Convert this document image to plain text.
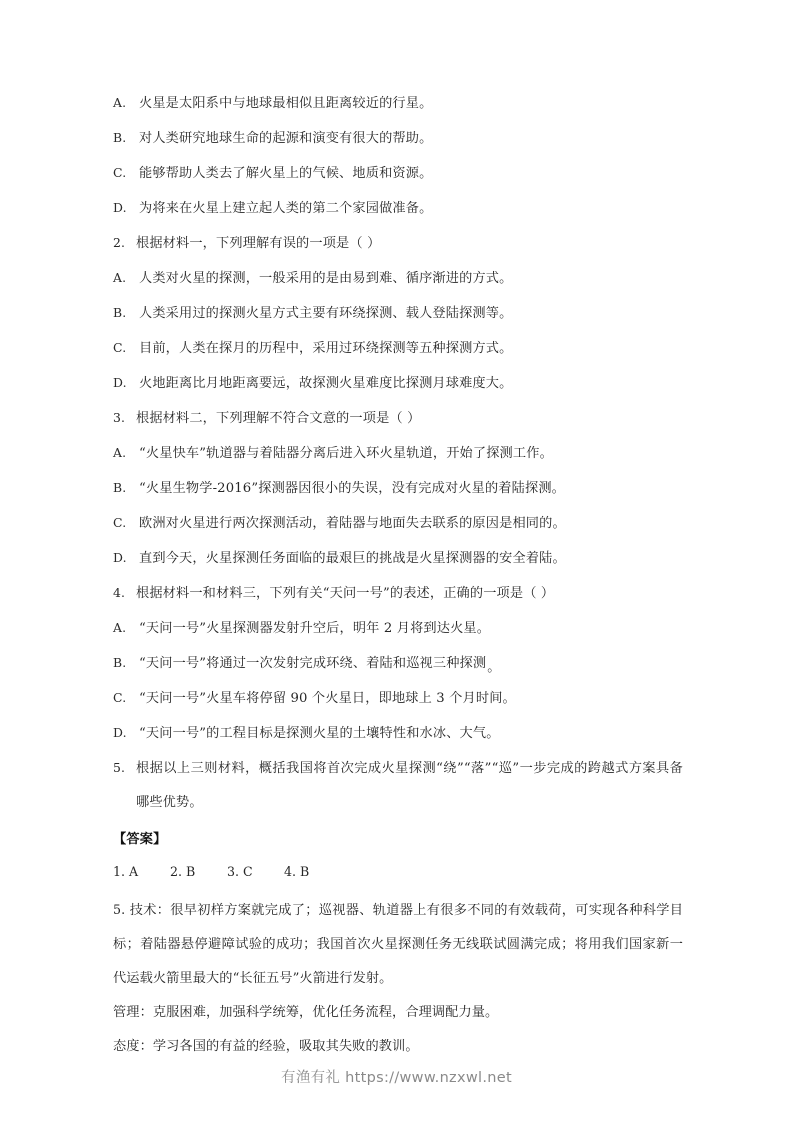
A. 火星是太阳系中与地球最相似且距离较近的行星。
B. 对人类研究地球生命的起源和演变有很大的帮助。
C. 能够帮助人类去了解火星上的气候、地质和资源。
D. 为将来在火星上建立起人类的第二个家园做准备。
2. 根据材料一，下列理解有误的一项是（ ）
A. 人类对火星的探测，一般采用的是由易到难、循序渐进的方式。
B. 人类采用过的探测火星方式主要有环绕探测、载人登陆探测等。
C. 目前，人类在探月的历程中，采用过环绕探测等五种探测方式。
D. 火地距离比月地距离要远，故探测火星难度比探测月球难度大。
3. 根据材料二，下列理解不符合文意的一项是（ ）
A. “火星快车”轨道器与着陆器分离后进入环火星轨道，开始了探测工作。
B. “火星生物学-2016”探测器因很小的失误，没有完成对火星的着陆探测。
C. 欧洲对火星进行两次探测活动，着陆器与地面失去联系的原因是相同的。
D. 直到今天，火星探测任务面临的最艰巨的挑战是火星探测器的安全着陆。
4. 根据材料一和材料三，下列有关“天问一号”的表述，正确的一项是（ ）
A. “天问一号”火星探测器发射升空后，明年 2 月将到达火星。
B. “天问一号”将通过一次发射完成环绕、着陆和巡视三种探测。
C. “天问一号”火星车将停留 90 个火星日，即地球上 3 个月时间。
D. “天问一号”的工程目标是探测火星的土壤特性和水冰、大气。
5. 根据以上三则材料，概括我国将首次完成火星探测“绕”“落”“巡”一步完成的跨越式方案具备哪些优势。
【答案】
1. A	2. B	3. C	4. B
5. 技术：很早初样方案就完成了；巡视器、轨道器上有很多不同的有效载荷，可实现各种科学目标；着陆器悬停避障试验的成功；我国首次火星探测任务无线联试圆满完成；将用我们国家新一代运载火箭里最大的“长征五号”火箭进行发射。
管理：克服困难，加强科学统筹，优化任务流程，合理调配力量。
态度：学习各国的有益的经验，吸取其失败的教训。
有渔有礼 https://www.nzxwl.net
